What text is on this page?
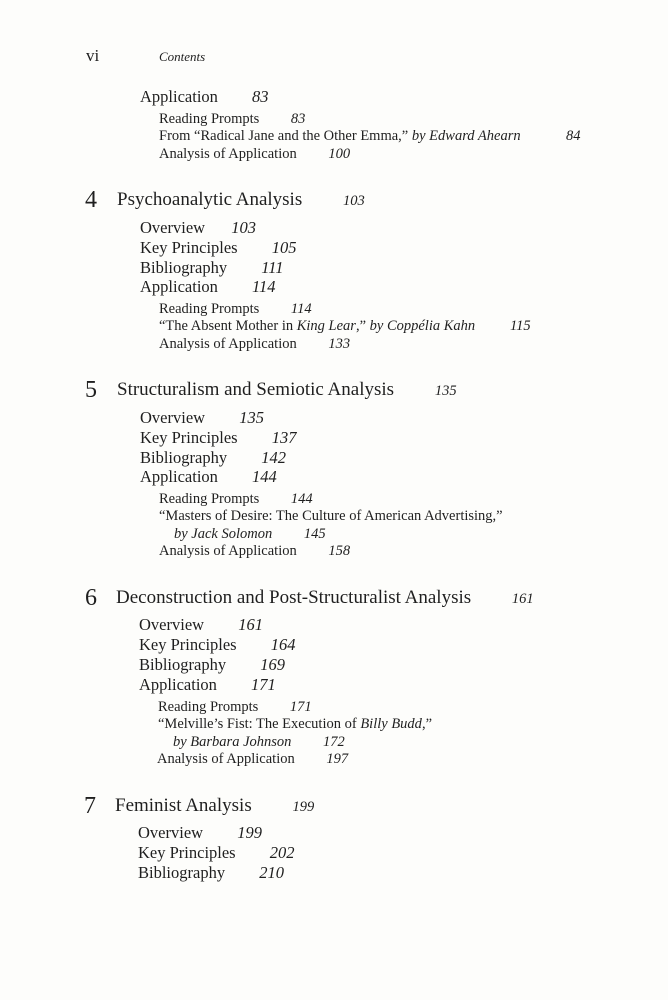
vi	Contents
Application 83
Reading Prompts 83
From “Radical Jane and the Other Emma,” by Edward Ahearn	84
Analysis of Application 100
4 Psychoanalytic Analysis	103
Overview 103
Key Principles 105
Bibliography 111
Application 114
Reading Prompts 114
“The Absent Mother in King Lear,” by Coppélia Kahn 115
Analysis of Application 133
5 Structuralism and Semiotic Analysis	135
Overview 135
Key Principles 137
Bibliography 142
Application 144
Reading Prompts 144
“Masters of Desire: The Culture of American Advertising,”
by Jack Solomon 145
Analysis of Application 158
6 Deconstruction and Post-Structuralist Analysis	161
Overview 161
Key Principles 164
Bibliography 169
Application 171
Reading Prompts 171
“Melville’s Fist: The Execution of Billy Budd,”
by Barbara Johnson 172
Analysis of Application 197
7 Feminist Analysis	199
Overview 199
Key Principles 202
Bibliography 210
